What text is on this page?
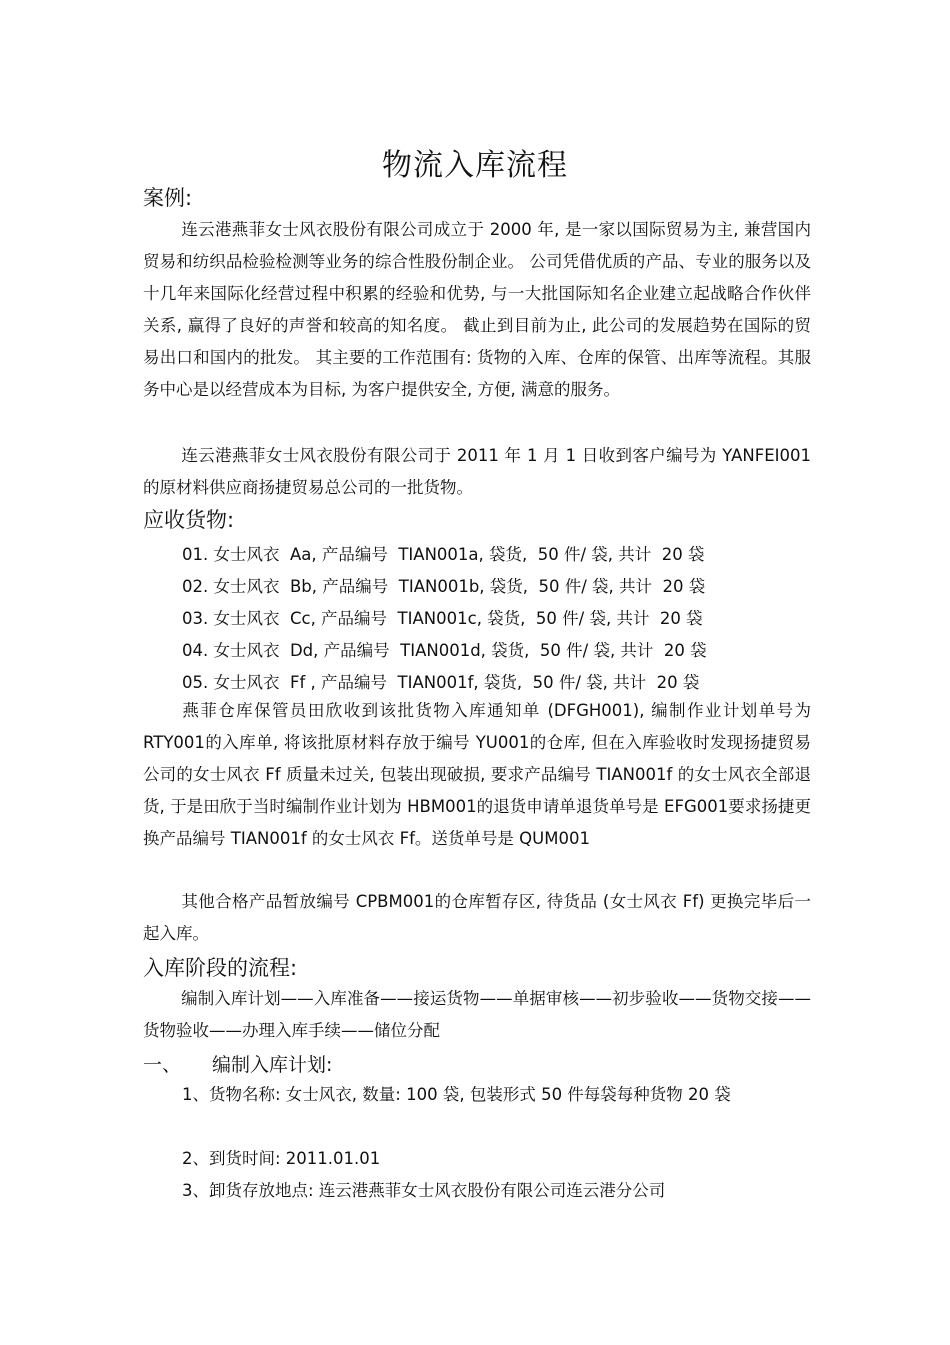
物流入库流程
案例:

连云港燕菲女士风衣股份有限公司成立于 2000 年, 是一家以国际贸易为主, 兼营国内贸易和纺织品检验检测等业务的综合性股份制企业。 公司凭借优质的产品、专业的服务以及十几年来国际化经营过程中积累的经验和优势, 与一大批国际知名企业建立起战略合作伙伴关系, 赢得了良好的声誉和较高的知名度。 截止到目前为止, 此公司的发展趋势在国际的贸易出口和国内的批发。 其主要的工作范围有: 货物的入库、仓库的保管、出库等流程。其服务中心是以经营成本为目标, 为客户提供安全, 方便, 满意的服务。

连云港燕菲女士风衣股份有限公司于 2011 年 1 月 1 日收到客户编号为 YANFEI001的原材料供应商扬捷贸易总公司的一批货物。

应收货物:
01. 女士风衣  Aa, 产品编号  TIAN001a, 袋货,  50 件/ 袋, 共计  20 袋
02. 女士风衣  Bb, 产品编号  TIAN001b, 袋货,  50 件/ 袋, 共计  20 袋
03. 女士风衣  Cc, 产品编号  TIAN001c, 袋货,  50 件/ 袋, 共计  20 袋
04. 女士风衣  Dd, 产品编号  TIAN001d, 袋货,  50 件/ 袋, 共计  20 袋
05. 女士风衣  Ff , 产品编号  TIAN001f, 袋货,  50 件/ 袋, 共计  20 袋

燕菲仓库保管员田欣收到该批货物入库通知单 (DFGH001), 编制作业计划单号为 RTY001的入库单, 将该批原材料存放于编号 YU001的仓库, 但在入库验收时发现扬捷贸易公司的女士风衣 Ff 质量未过关, 包装出现破损, 要求产品编号 TIAN001f 的女士风衣全部退货, 于是田欣于当时编制作业计划为 HBM001的退货申请单退货单号是 EFG001要求扬捷更换产品编号 TIAN001f 的女士风衣 Ff。送货单号是 QUM001

其他合格产品暂放编号 CPBM001的仓库暂存区, 待货品 (女士风衣 Ff) 更换完毕后一起入库。

入库阶段的流程:

编制入库计划——入库准备——接运货物——单据审核——初步验收——货物交接——货物验收——办理入库手续——储位分配

一、 编制入库计划:
1、货物名称: 女士风衣, 数量: 100 袋, 包装形式 50 件每袋每种货物 20 袋
2、到货时间: 2011.01.01
3、卸货存放地点: 连云港燕菲女士风衣股份有限公司连云港分公司
